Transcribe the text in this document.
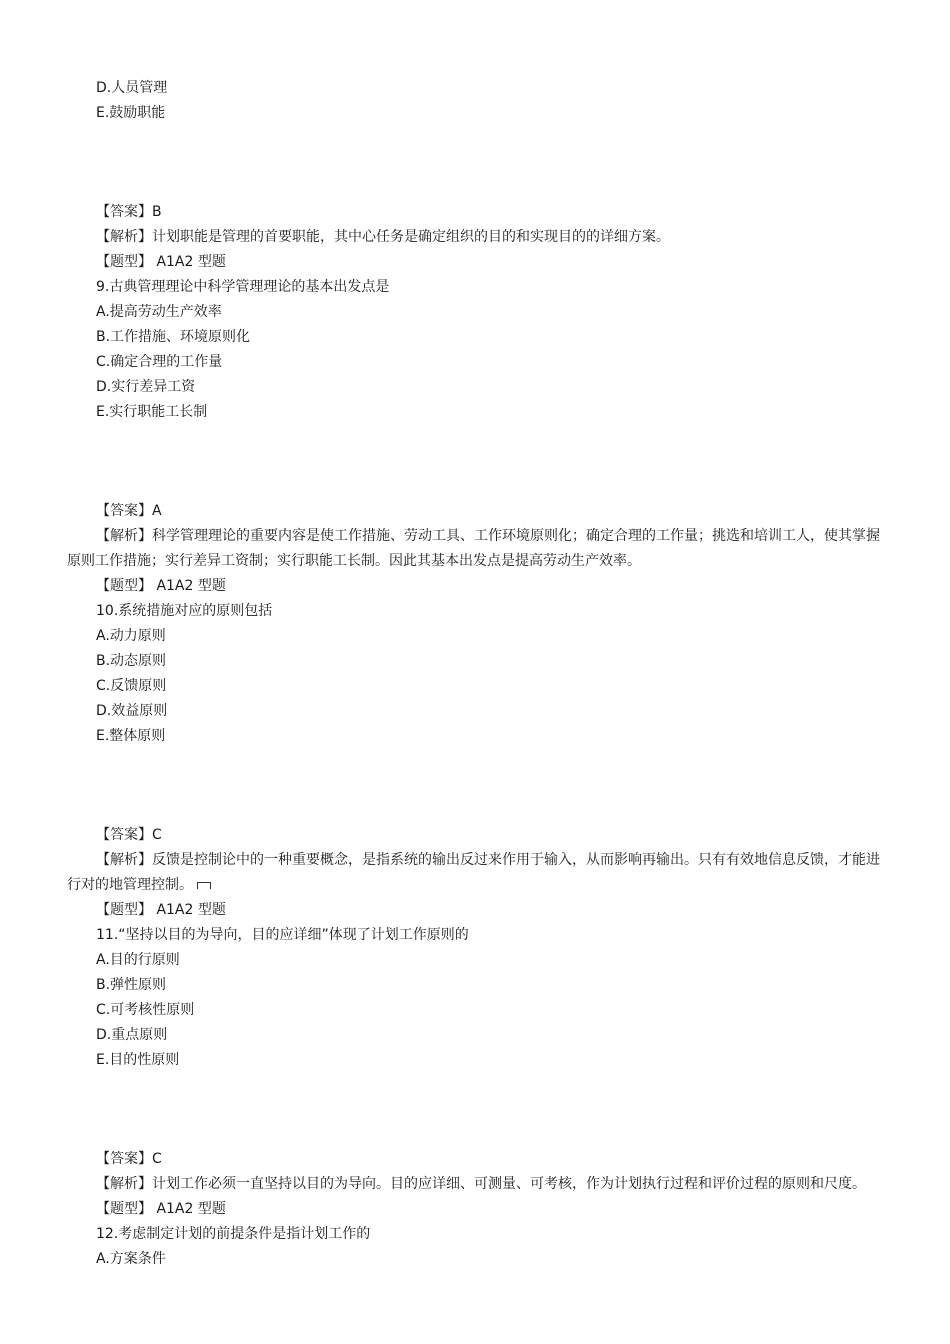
D.人员管理
E.鼓励职能
【答案】B
【解析】计划职能是管理的首要职能，其中心任务是确定组织的目的和实现目的的详细方案。
【题型】 A1A2 型题
9.古典管理理论中科学管理理论的基本出发点是
A.提高劳动生产效率
B.工作措施、环境原则化
C.确定合理的工作量
D.实行差异工资
E.实行职能工长制
【答案】A
【解析】科学管理理论的重要内容是使工作措施、劳动工具、工作环境原则化；确定合理的工作量；挑选和培训工人，使其掌握原则工作措施；实行差异工资制；实行职能工长制。因此其基本出发点是提高劳动生产效率。
【题型】 A1A2 型题
10.系统措施对应的原则包括
A.动力原则
B.动态原则
C.反馈原则
D.效益原则
E.整体原则
【答案】C
【解析】反馈是控制论中的一种重要概念，是指系统的输出反过来作用于输入，从而影响再输出。只有有效地信息反馈，才能进行对的地管理控制。
【题型】 A1A2 型题
11.“坚持以目的为导向，目的应详细”体现了计划工作原则的
A.目的行原则
B.弹性原则
C.可考核性原则
D.重点原则
E.目的性原则
【答案】C
【解析】计划工作必须一直坚持以目的为导向。目的应详细、可测量、可考核，作为计划执行过程和评价过程的原则和尺度。
【题型】 A1A2 型题
12.考虑制定计划的前提条件是指计划工作的
A.方案条件
